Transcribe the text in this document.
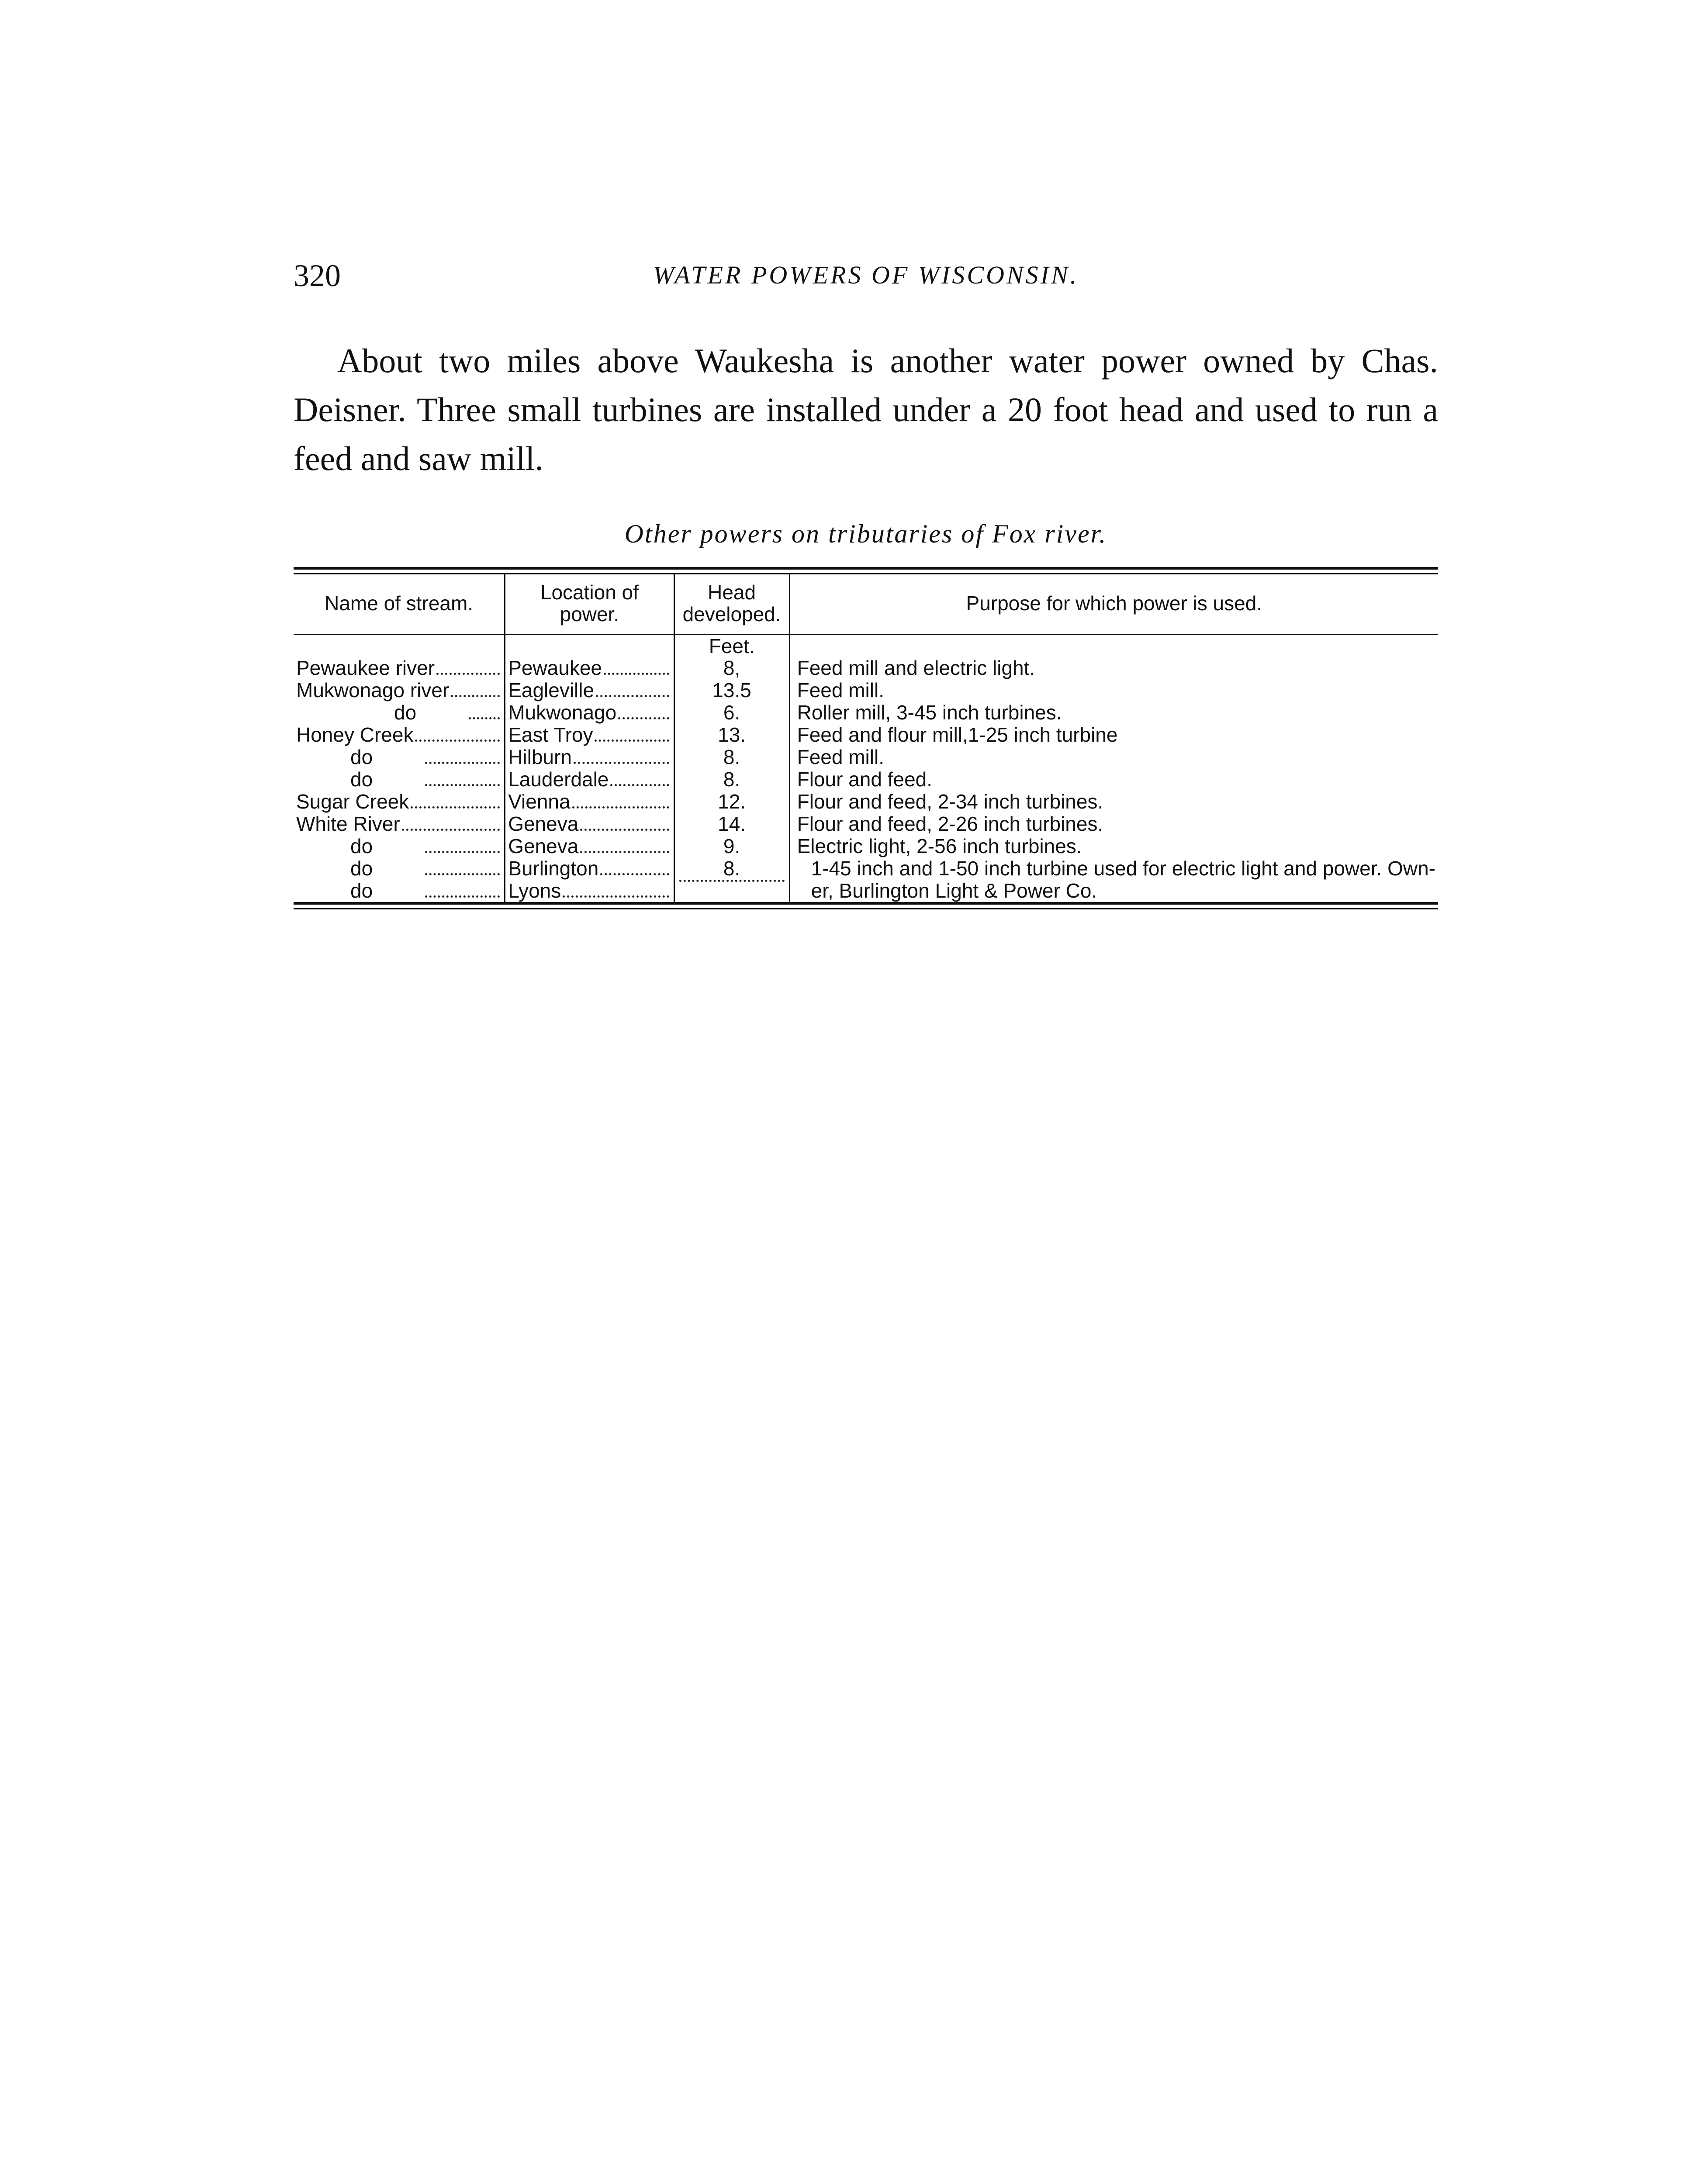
320	WATER POWERS OF WISCONSIN.

About two miles above Waukesha is another water power owned by Chas. Deisner. Three small turbines are installed under a 20 foot head and used to run a feed and saw mill.

Other powers on tributaries of Fox river.
Name of stream.	Location of power.	Head developed.	Purpose for which power is used.
		Feet.	

Pewaukee river	Pewaukee	8,	Feed mill and electric light.

Mukwonago river	Eagleville	13.5	Feed mill.

do	Mukwonago	6.	Roller mill, 3-45 inch turbines.

Honey Creek	East Troy	13.	Feed and flour mill,1-25 inch turbine

do	Hilburn	8.	Feed mill.

do	Lauderdale	8.	Flour and feed.

Sugar Creek	Vienna	12.	Flour and feed, 2-34 inch turbines.

White River	Geneva	14.	Flour and feed, 2-26 inch turbines.

do	Geneva	9.	Electric light, 2-56 inch turbines.

do	Burlington	8.	1-45 inch and 1-50 inch turbine used for electric light and power. Own-

do	Lyons		er, Burlington Light & Power Co.
